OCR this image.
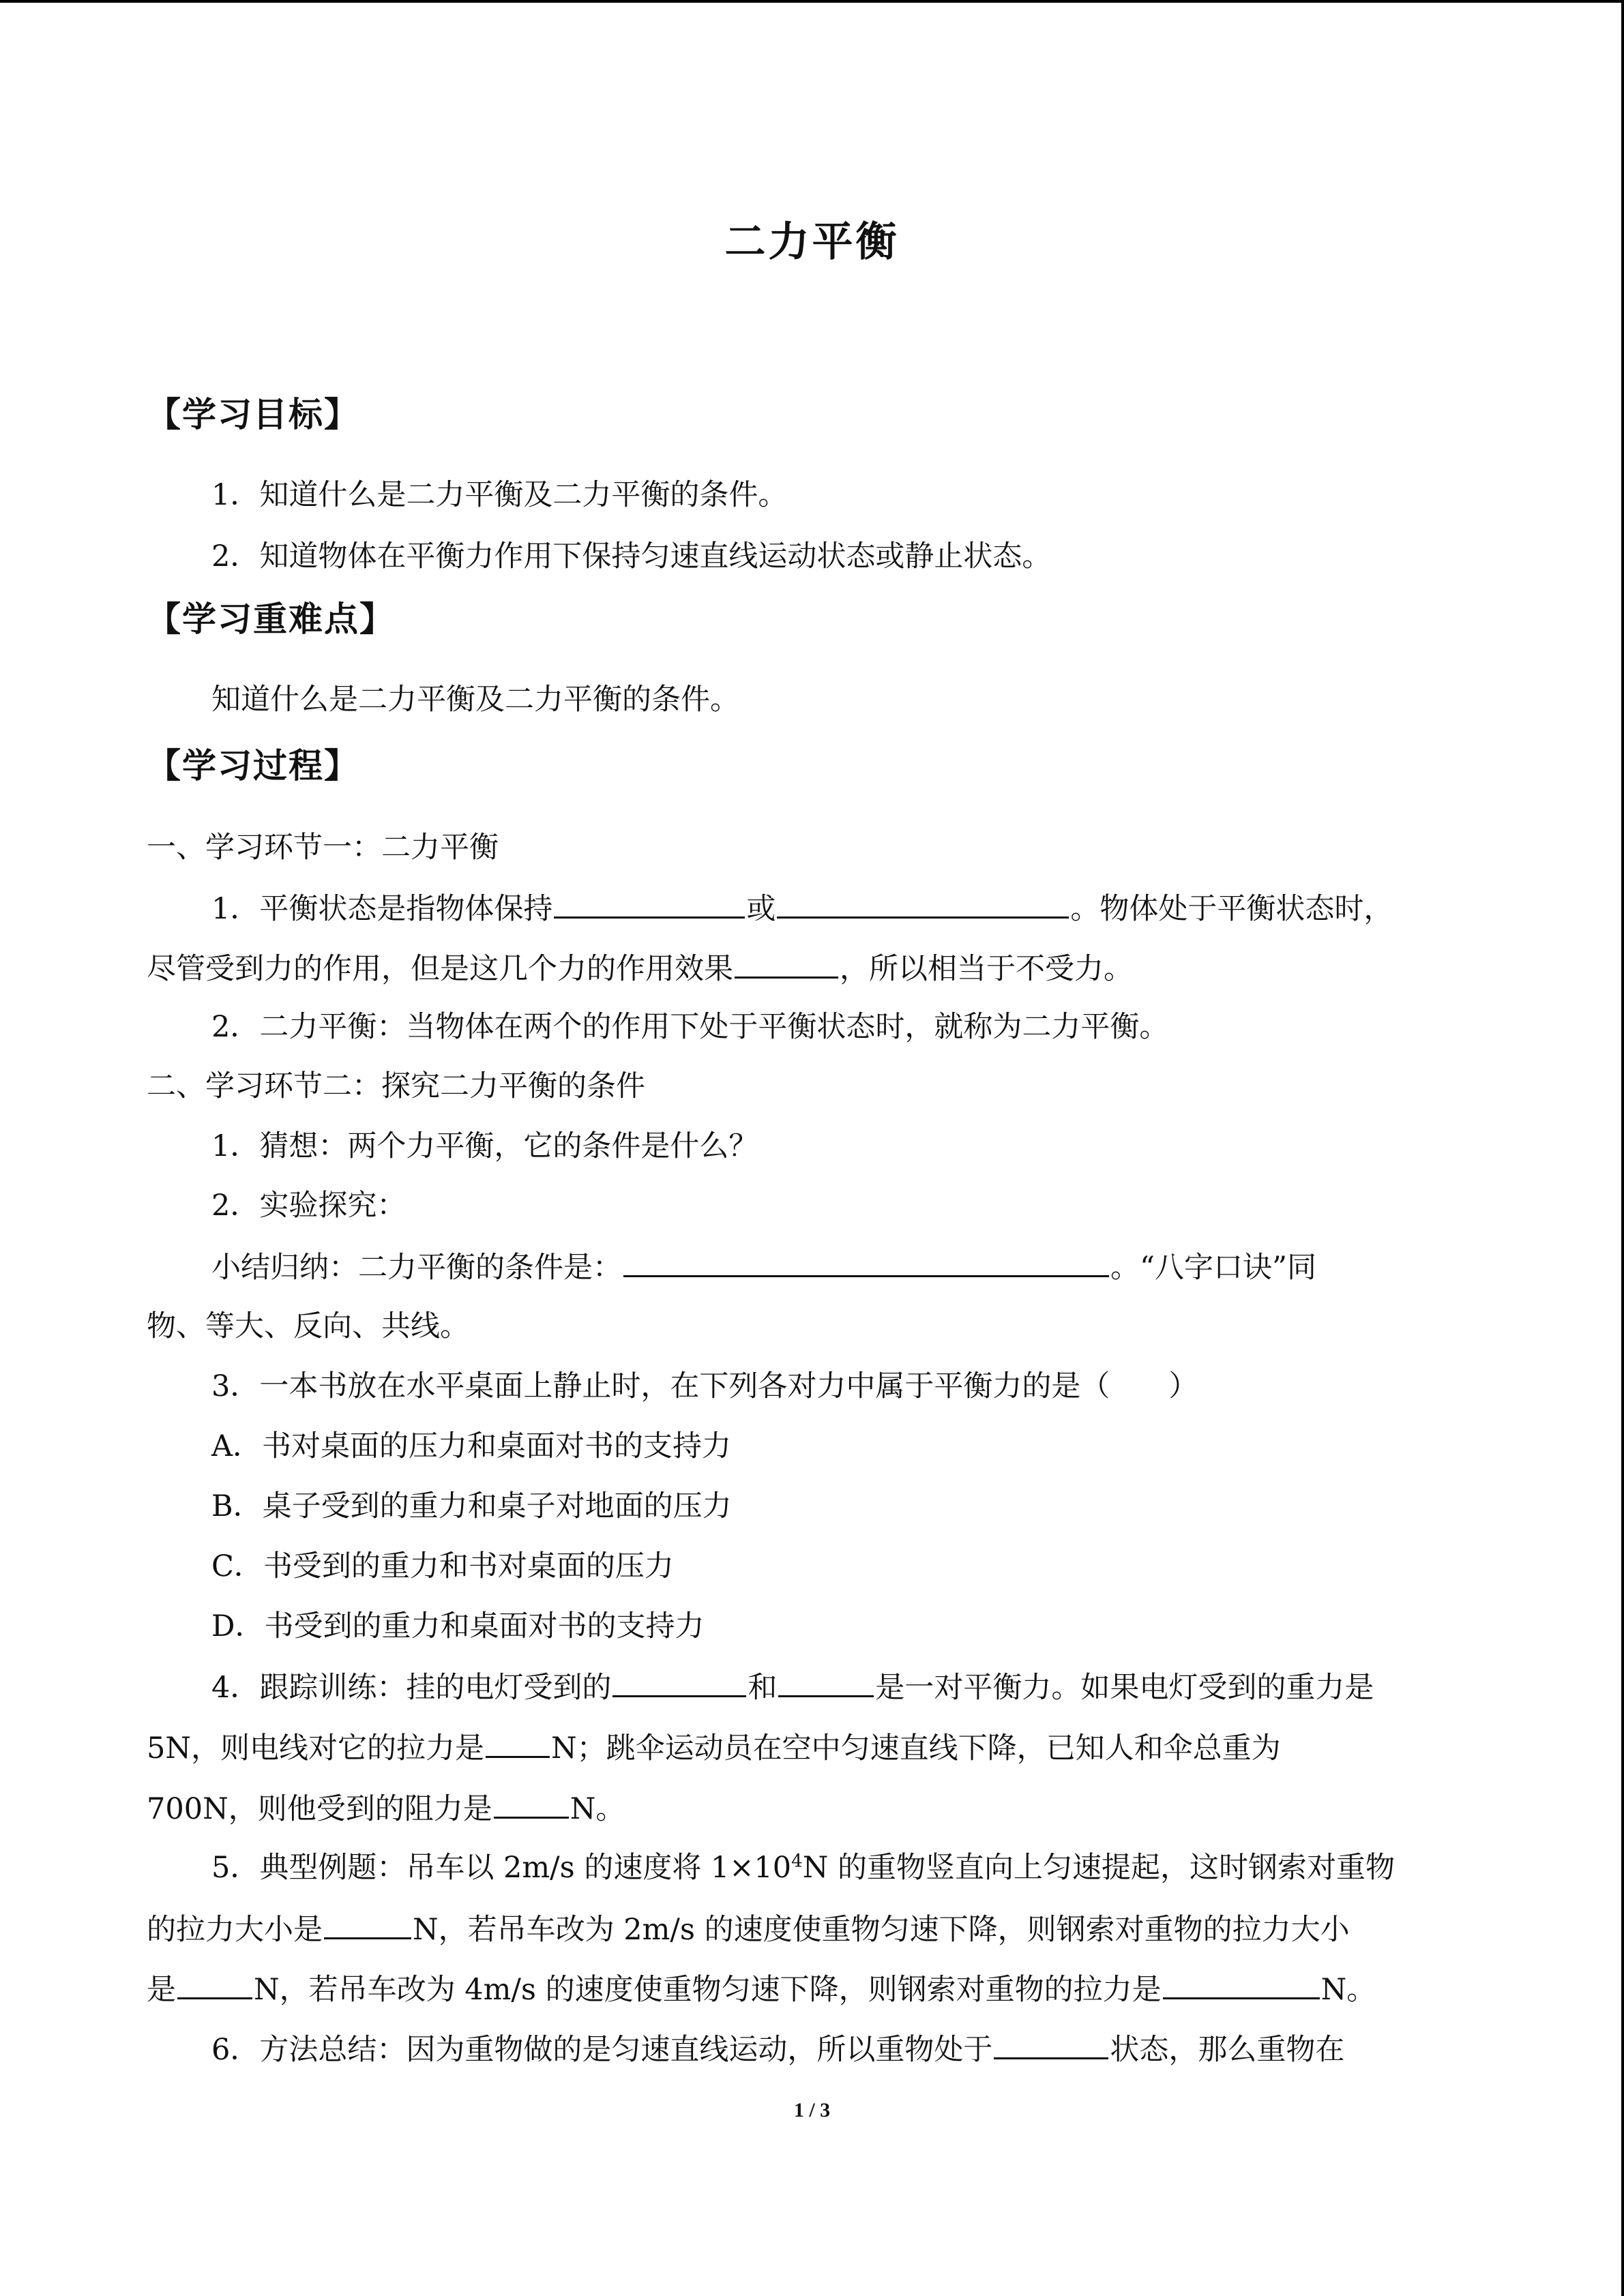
二力平衡
【学习目标】
1．知道什么是二力平衡及二力平衡的条件。
2．知道物体在平衡力作用下保持匀速直线运动状态或静止状态。
【学习重难点】
知道什么是二力平衡及二力平衡的条件。
【学习过程】
一、学习环节一：二力平衡
1．平衡状态是指物体保持	或	。物体处于平衡状态时，
尽管受到力的作用，但是这几个力的作用效果	，所以相当于不受力。
2．二力平衡：当物体在两个的作用下处于平衡状态时，就称为二力平衡。
二、学习环节二：探究二力平衡的条件
1．猜想：两个力平衡，它的条件是什么？
2．实验探究：
小结归纳：二力平衡的条件是：	。“八字口诀”同
物、等大、反向、共线。
3．一本书放在水平桌面上静止时，在下列各对力中属于平衡力的是（　　）
A．书对桌面的压力和桌面对书的支持力
B．桌子受到的重力和桌子对地面的压力
C．书受到的重力和书对桌面的压力
D．书受到的重力和桌面对书的支持力
4．跟踪训练：挂的电灯受到的	和	是一对平衡力。如果电灯受到的重力是
5N，则电线对它的拉力是 N；跳伞运动员在空中匀速直线下降，已知人和伞总重为
700N，则他受到的阻力是	N。
5．典型例题：吊车以 2m/s 的速度将 $1\times 10^4N$ 的重物竖直向上匀速提起，这时钢索对重物
的拉力大小是	N，若吊车改为 2m/s 的速度使重物匀速下降，则钢索对重物的拉力大小
是	N，若吊车改为 4m/s 的速度使重物匀速下降，则钢索对重物的拉力是	N。
6．方法总结：因为重物做的是匀速直线运动，所以重物处于	状态，那么重物在
1 / 3
